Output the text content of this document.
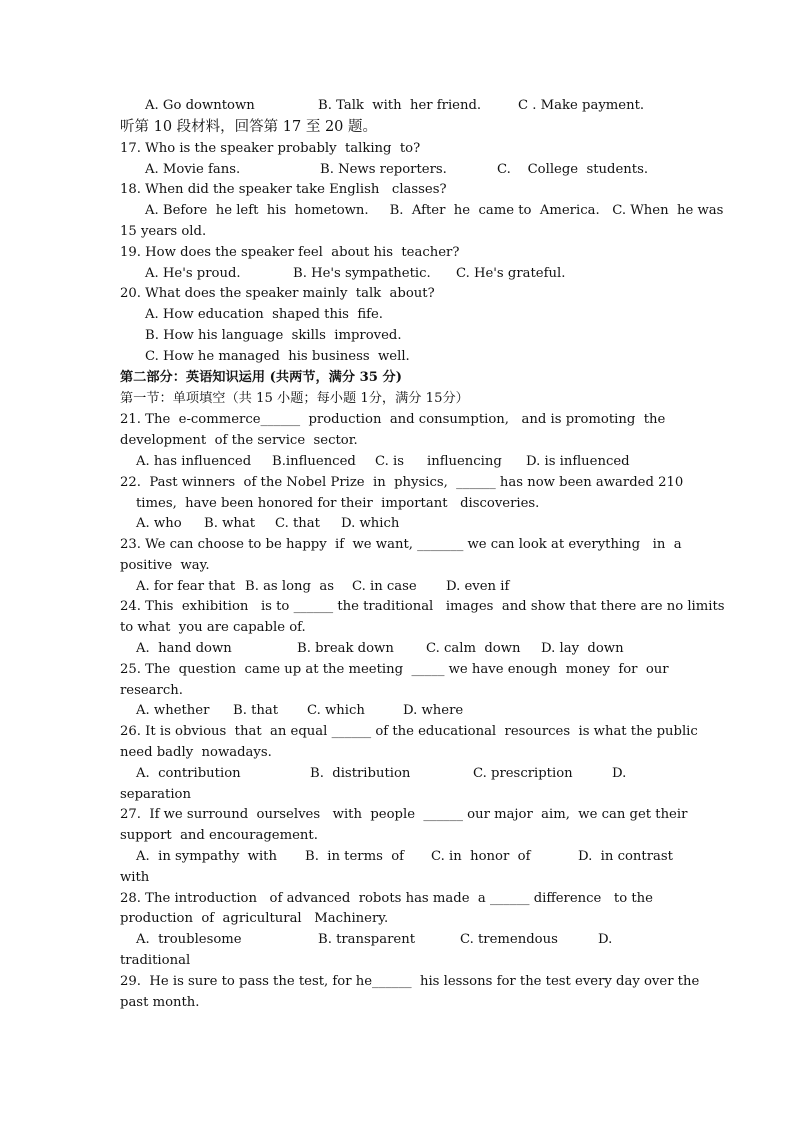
A. Go downtown	B. Talk  with  her friend.	C . Make payment.
听第 10 段材料，回答第 17 至 20 题。
17. Who is the speaker probably  talking  to?
A. Movie fans.	B. News reporters.	C.    College  students.
18. When did the speaker take English   classes?
A. Before  he left  his  hometown.     B.  After  he  came to  America.   C. When  he was
15 years old.
19. How does the speaker feel  about his  teacher?
A. He's proud.	B. He's sympathetic. C. He's grateful.
20. What does the speaker mainly  talk  about?
A. How education  shaped this  fife.
B. How his language  skills  improved.
C. How he managed  his business  well.
第二部分：英语知识运用 (共两节，满分 35 分)
第一节：单项填空（共 15 小题；每小题 1分，满分 15分）
21. The  e-commerce______  production  and consumption,   and is promoting  the
development  of the service  sector.
A. has influenced B.influenced C. is influencing D. is influenced
22.  Past winners  of the Nobel Prize  in  physics,  ______ has now been awarded 210
times,  have been honored for their  important   discoveries.
A. who B. what C. that D. which
23. We can choose to be happy  if  we want, _______ we can look at everything   in  a
positive  way.
A. for fear that B. as long  as C. in case D. even if
24. This  exhibition   is to ______ the traditional   images  and show that there are no limits
to what  you are capable of.
A.  hand down	B. break down C. calm  down D. lay  down
25. The  question  came up at the meeting  _____ we have enough  money  for  our
research.
A. whether B. that C. which	D. where
26. It is obvious  that  an equal ______ of the educational  resources  is what the public
need badly  nowadays.
A.  contribution	B.  distribution	C. prescription	D.
separation
27.  If we surround  ourselves   with  people  ______ our major  aim,  we can get their
support  and encouragement.
A.  in sympathy  with B.  in terms  of C. in  honor  of	D.  in contrast
with
28. The introduction   of advanced  robots has made  a ______ difference   to the
production  of  agricultural   Machinery.
A.  troublesome	B. transparent	C. tremendous	D.
traditional
29.  He is sure to pass the test, for he______  his lessons for the test every day over the
past month.
